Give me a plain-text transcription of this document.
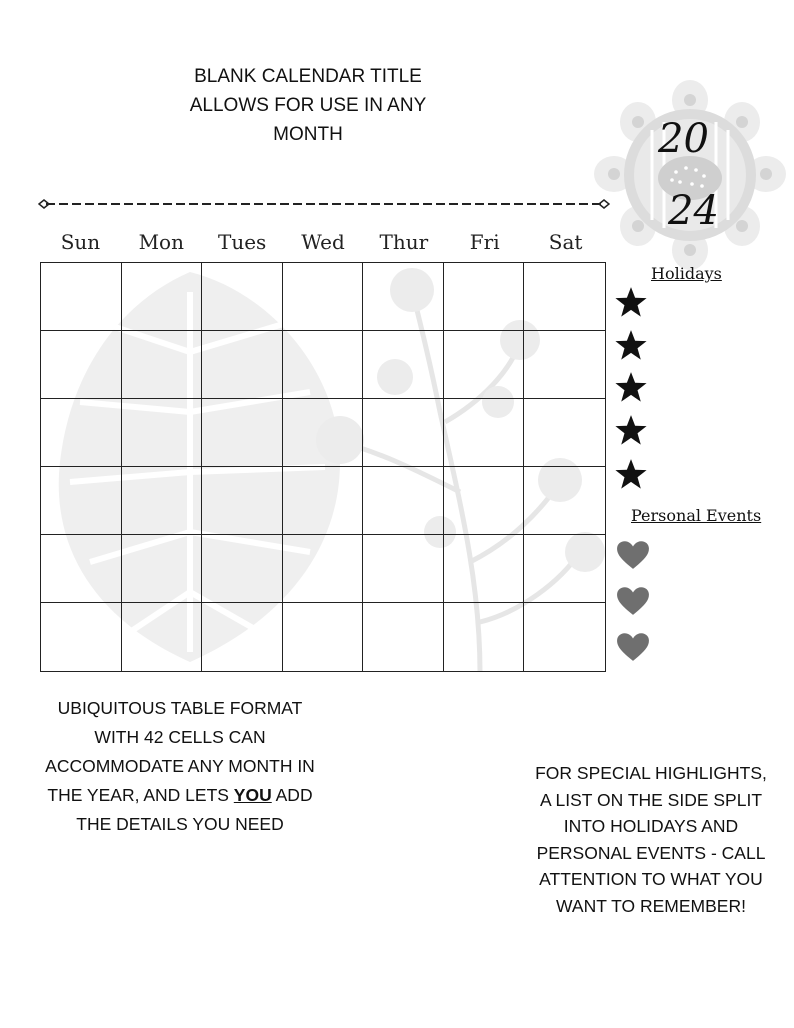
BLANK CALENDAR TITLE
ALLOWS FOR USE IN ANY
MONTH	20
24
Sun	Mon	Tues	Wed	Thur	Fri	Sat
Holidays
Personal Events
UBIQUITOUS TABLE FORMAT
WITH 42 CELLS CAN
ACCOMMODATE ANY MONTH IN
THE YEAR, AND LETS YOU ADD
THE DETAILS YOU NEED
FOR SPECIAL HIGHLIGHTS,
A LIST ON THE SIDE SPLIT
INTO HOLIDAYS AND
PERSONAL EVENTS - CALL
ATTENTION TO WHAT YOU
WANT TO REMEMBER!
